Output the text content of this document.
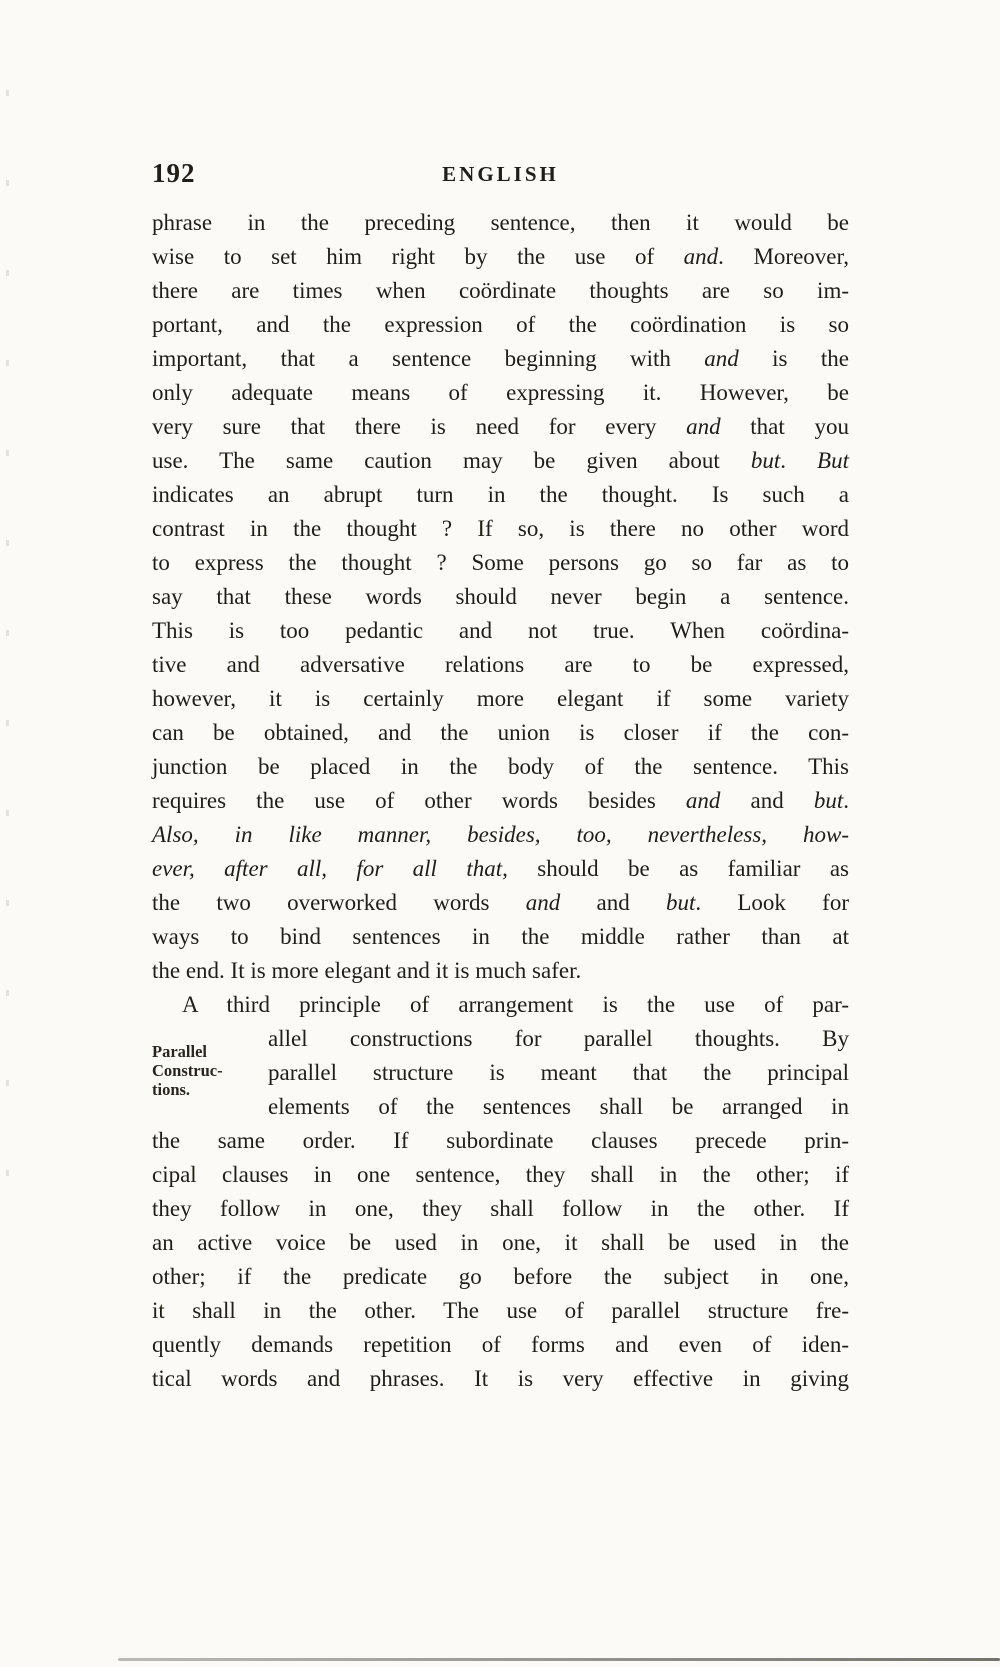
192	ENGLISH
phrase in the preceding sentence, then it would be
wise to set him right by the use of and. Moreover,
there are times when coördinate thoughts are so im-
portant, and the expression of the coördination is so
important, that a sentence beginning with and is the
only adequate means of expressing it. However, be
very sure that there is need for every and that you
use. The same caution may be given about but. But
indicates an abrupt turn in the thought. Is such a
contrast in the thought ? If so, is there no other word
to express the thought ? Some persons go so far as to
say that these words should never begin a sentence.
This is too pedantic and not true. When coördina-
tive and adversative relations are to be expressed,
however, it is certainly more elegant if some variety
can be obtained, and the union is closer if the con-
junction be placed in the body of the sentence. This
requires the use of other words besides and and but.
Also, in like manner, besides, too, nevertheless, how-
ever, after all, for all that, should be as familiar as
the two overworked words and and but. Look for
ways to bind sentences in the middle rather than at
the end. It is more elegant and it is much safer.
A third principle of arrangement is the use of par-
allel constructions for parallel thoughts. By
parallel structure is meant that the principal
elements of the sentences shall be arranged in
the same order. If subordinate clauses precede prin-
cipal clauses in one sentence, they shall in the other; if
they follow in one, they shall follow in the other. If
an active voice be used in one, it shall be used in the
other; if the predicate go before the subject in one,
it shall in the other. The use of parallel structure fre-
quently demands repetition of forms and even of iden-
tical words and phrases. It is very effective in giving
Parallel
Construc-
tions.
